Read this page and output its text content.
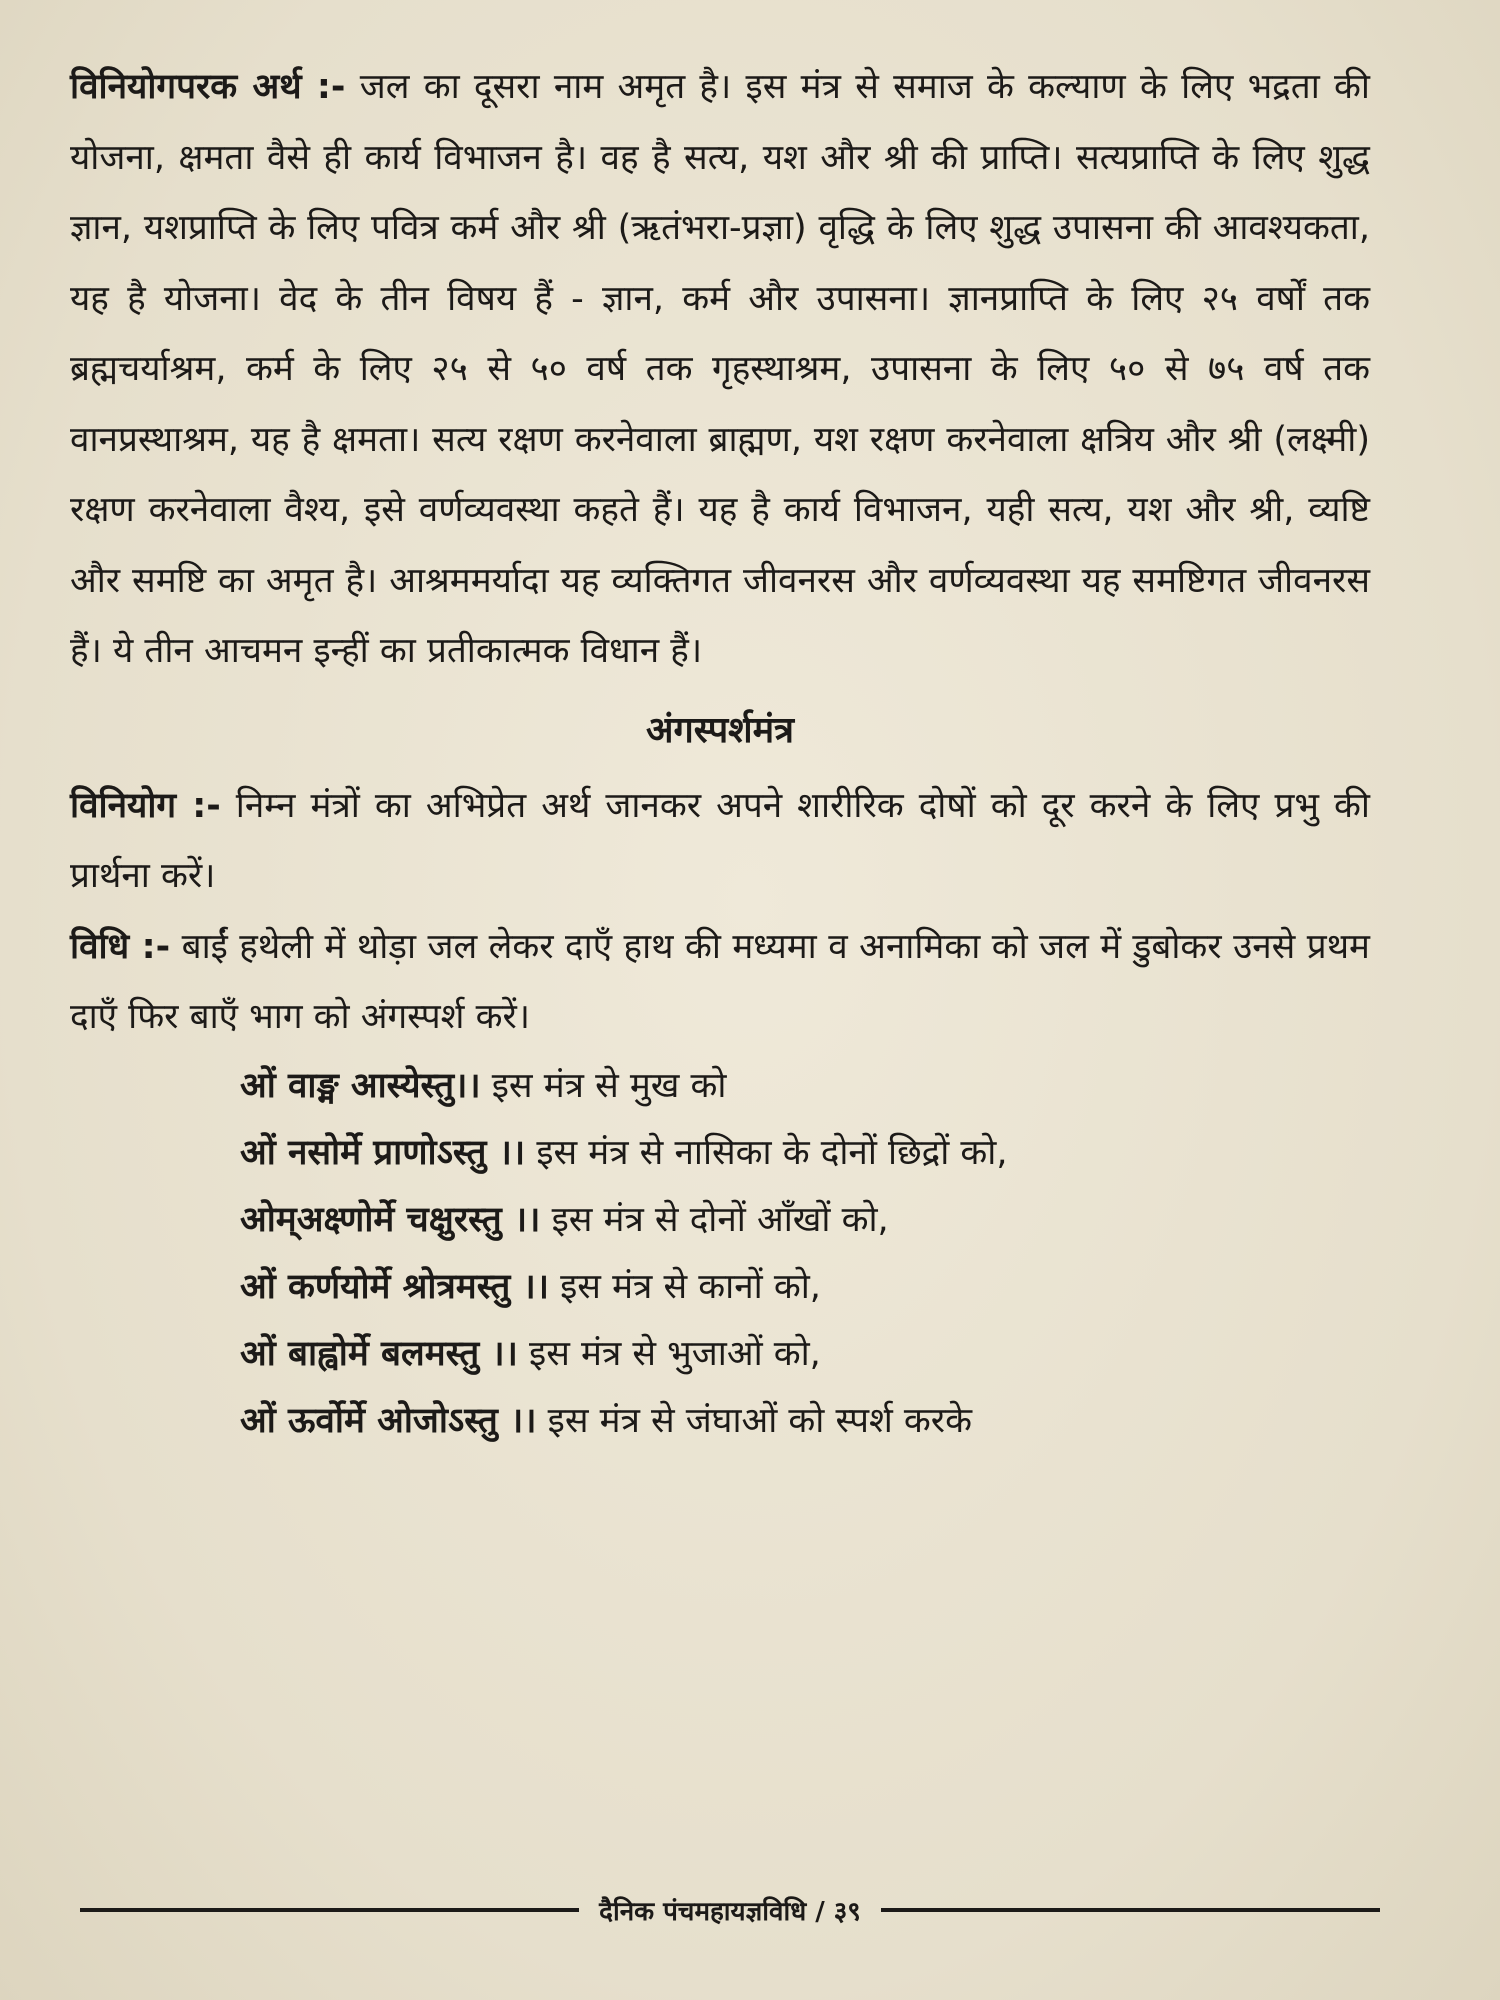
विनियोगपरक अर्थ :- जल का दूसरा नाम अमृत है। इस मंत्र से समाज के कल्याण के लिए भद्रता की योजना, क्षमता वैसे ही कार्य विभाजन है। वह है सत्य, यश और श्री की प्राप्ति। सत्यप्राप्ति के लिए शुद्ध ज्ञान, यशप्राप्ति के लिए पवित्र कर्म और श्री (ऋतंभरा-प्रज्ञा) वृद्धि के लिए शुद्ध उपासना की आवश्यकता, यह है योजना। वेद के तीन विषय हैं - ज्ञान, कर्म और उपासना। ज्ञानप्राप्ति के लिए २५ वर्षों तक ब्रह्मचर्याश्रम, कर्म के लिए २५ से ५० वर्ष तक गृहस्थाश्रम, उपासना के लिए ५० से ७५ वर्ष तक वानप्रस्थाश्रम, यह है क्षमता। सत्य रक्षण करनेवाला ब्राह्मण, यश रक्षण करनेवाला क्षत्रिय और श्री (लक्ष्मी) रक्षण करनेवाला वैश्य, इसे वर्णव्यवस्था कहते हैं। यह है कार्य विभाजन, यही सत्य, यश और श्री, व्यष्टि और समष्टि का अमृत है। आश्रममर्यादा यह व्यक्तिगत जीवनरस और वर्णव्यवस्था यह समष्टिगत जीवनरस हैं। ये तीन आचमन इन्हीं का प्रतीकात्मक विधान हैं।

अंगस्पर्शमंत्र

विनियोग :- निम्न मंत्रों का अभिप्रेत अर्थ जानकर अपने शारीरिक दोषों को दूर करने के लिए प्रभु की प्रार्थना करें।

विधि :- बाईं हथेली में थोड़ा जल लेकर दाएँ हाथ की मध्यमा व अनामिका को जल में डुबोकर उनसे प्रथम दाएँ फिर बाएँ भाग को अंगस्पर्श करें।

ओं वाङ्म आस्येस्तु।। इस मंत्र से मुख को
ओं नसोर्मे प्राणोऽस्तु ।। इस मंत्र से नासिका के दोनों छिद्रों को,
ओम्अक्ष्णोर्मे चक्षुरस्तु ।। इस मंत्र से दोनों आँखों को,
ओं कर्णयोर्मे श्रोत्रमस्तु ।। इस मंत्र से कानों को,
ओं बाह्वोर्मे बलमस्तु ।। इस मंत्र से भुजाओं को,
ओं ऊर्वोर्मे ओजोऽस्तु ।। इस मंत्र से जंघाओं को स्पर्श करके
दैनिक पंचमहायज्ञविधि / ३९
